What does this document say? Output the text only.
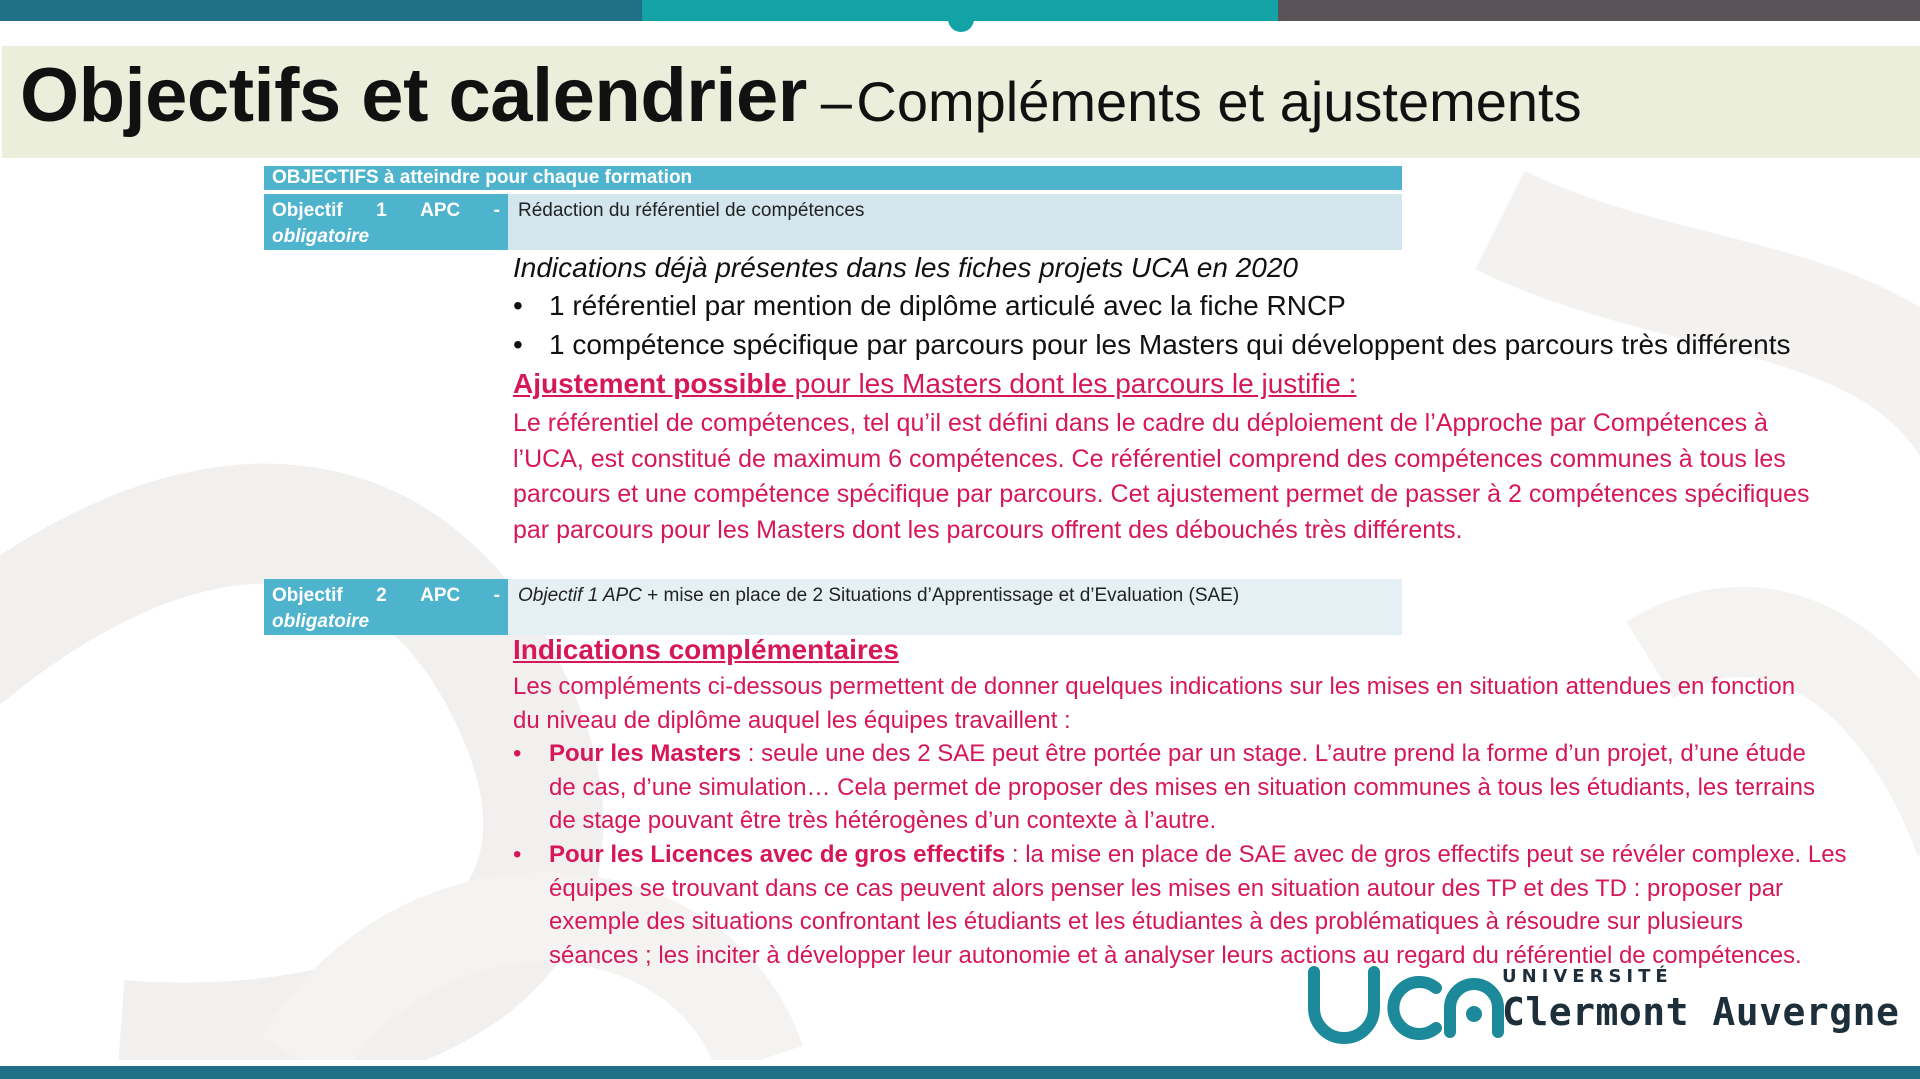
Objectifs et calendrier – Compléments et ajustements
OBJECTIFS à atteindre pour chaque formation
Objectif 1 APC -
obligatoire
Rédaction du référentiel de compétences
Indications déjà présentes dans les fiches projets UCA en 2020
• 1 référentiel par mention de diplôme articulé avec la fiche RNCP
• 1 compétence spécifique par parcours pour les Masters qui développent des parcours très différents
Ajustement possible pour les Masters dont les parcours le justifie :
Le référentiel de compétences, tel qu’il est défini dans le cadre du déploiement de l’Approche par Compétences à
l’UCA, est constitué de maximum 6 compétences. Ce référentiel comprend des compétences communes à tous les
parcours et une compétence spécifique par parcours. Cet ajustement permet de passer à 2 compétences spécifiques
par parcours pour les Masters dont les parcours offrent des débouchés très différents.
Objectif 2 APC -
obligatoire
Objectif 1 APC + mise en place de 2 Situations d’Apprentissage et d’Evaluation (SAE)
Indications complémentaires
Les compléments ci-dessous permettent de donner quelques indications sur les mises en situation attendues en fonction
du niveau de diplôme auquel les équipes travaillent :
• Pour les Masters : seule une des 2 SAE peut être portée par un stage. L’autre prend la forme d’un projet, d’une étude
de cas, d’une simulation… Cela permet de proposer des mises en situation communes à tous les étudiants, les terrains
de stage pouvant être très hétérogènes d’un contexte à l’autre.
• Pour les Licences avec de gros effectifs : la mise en place de SAE avec de gros effectifs peut se révéler complexe. Les
équipes se trouvant dans ce cas peuvent alors penser les mises en situation autour des TP et des TD : proposer par
exemple des situations confrontant les étudiants et les étudiantes à des problématiques à résoudre sur plusieurs
séances ; les inciter à développer leur autonomie et à analyser leurs actions au regard du référentiel de compétences.
UNIVERSITÉ
Clermont Auvergne
